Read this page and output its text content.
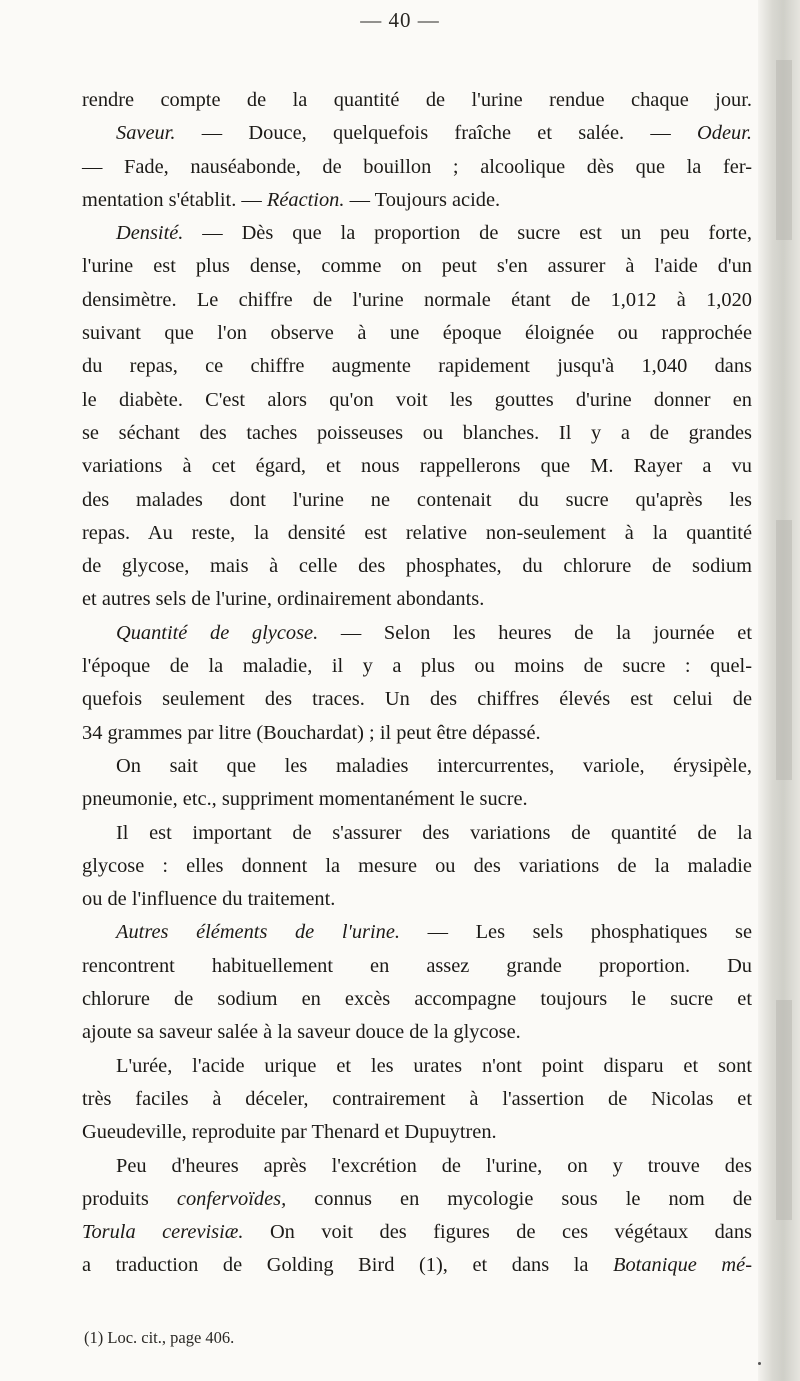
— 40 —
rendre compte de la quantité de l'urine rendue chaque jour.
Saveur. — Douce, quelquefois fraîche et salée. — Odeur.
— Fade, nauséabonde, de bouillon ; alcoolique dès que la fer-
mentation s'établit. — Réaction. — Toujours acide.
Densité. — Dès que la proportion de sucre est un peu forte,
l'urine est plus dense, comme on peut s'en assurer à l'aide d'un
densimètre. Le chiffre de l'urine normale étant de 1,012 à 1,020
suivant que l'on observe à une époque éloignée ou rapprochée
du repas, ce chiffre augmente rapidement jusqu'à 1,040 dans
le diabète. C'est alors qu'on voit les gouttes d'urine donner en
se séchant des taches poisseuses ou blanches. Il y a de grandes
variations à cet égard, et nous rappellerons que M. Rayer a vu
des malades dont l'urine ne contenait du sucre qu'après les
repas. Au reste, la densité est relative non-seulement à la quantité
de glycose, mais à celle des phosphates, du chlorure de sodium
et autres sels de l'urine, ordinairement abondants.
Quantité de glycose. — Selon les heures de la journée et
l'époque de la maladie, il y a plus ou moins de sucre : quel-
quefois seulement des traces. Un des chiffres élevés est celui de
34 grammes par litre (Bouchardat) ; il peut être dépassé.
On sait que les maladies intercurrentes, variole, érysipèle,
pneumonie, etc., suppriment momentanément le sucre.
Il est important de s'assurer des variations de quantité de la
glycose : elles donnent la mesure ou des variations de la maladie
ou de l'influence du traitement.
Autres éléments de l'urine. — Les sels phosphatiques se
rencontrent habituellement en assez grande proportion. Du
chlorure de sodium en excès accompagne toujours le sucre et
ajoute sa saveur salée à la saveur douce de la glycose.
L'urée, l'acide urique et les urates n'ont point disparu et sont
très faciles à déceler, contrairement à l'assertion de Nicolas et
Gueudeville, reproduite par Thenard et Dupuytren.
Peu d'heures après l'excrétion de l'urine, on y trouve des
produits confervoïdes, connus en mycologie sous le nom de
Torula cerevisiæ. On voit des figures de ces végétaux dans
a traduction de Golding Bird (1), et dans la Botanique mé-
(1) Loc. cit., page 406.
